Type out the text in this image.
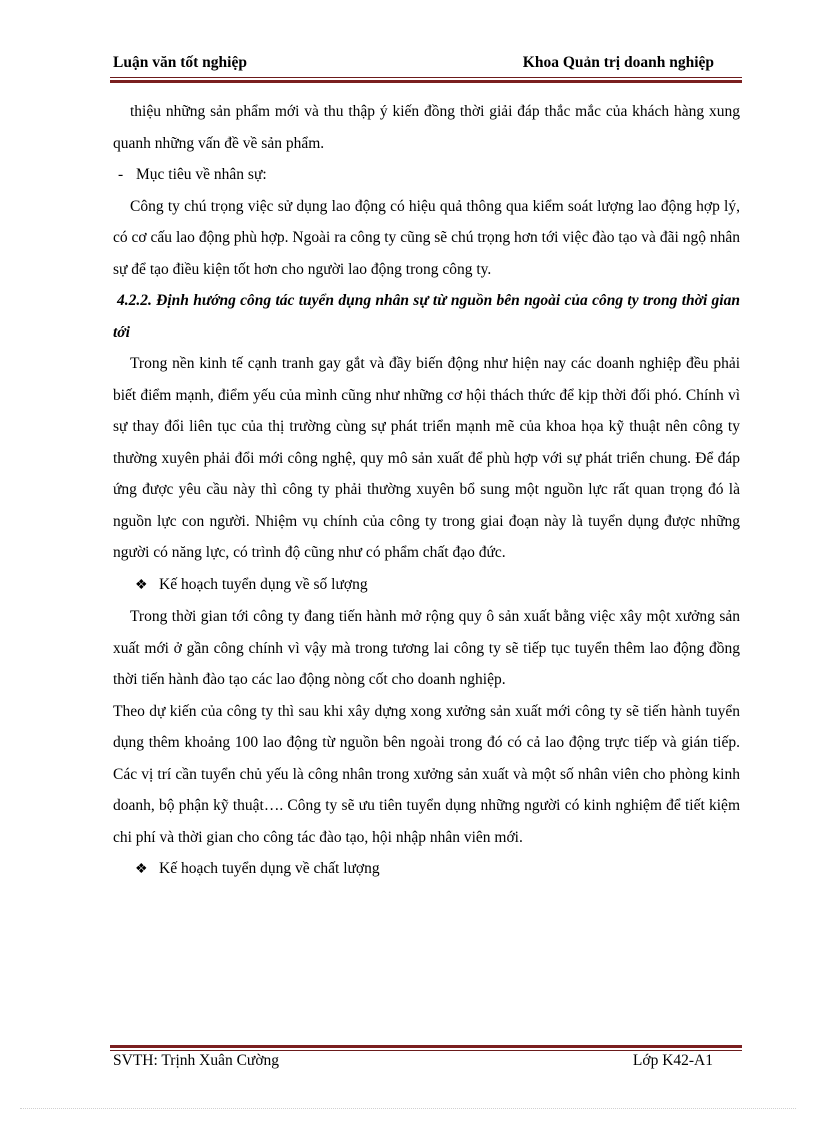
Luận văn tốt nghiệp	Khoa Quản trị doanh nghiệp

thiệu những sản phẩm mới và thu thập ý kiến đồng thời giải đáp thắc mắc của khách hàng xung quanh những vấn đề về sản phẩm.

- Mục tiêu về nhân sự:

Công ty chú trọng việc sử dụng lao động có hiệu quả thông qua kiểm soát lượng lao động hợp lý, có cơ cấu lao động phù hợp. Ngoài ra công ty cũng sẽ chú trọng hơn tới việc đào tạo và đãi ngộ nhân sự để tạo điều kiện tốt hơn cho người lao động trong công ty.

4.2.2. Định hướng công tác tuyển dụng nhân sự từ nguồn bên ngoài của công ty trong thời gian tới

Trong nền kinh tế cạnh tranh gay gắt và đầy biến động như hiện nay các doanh nghiệp đều phải biết điểm mạnh, điểm yếu của mình cũng như những cơ hội thách thức để kịp thời đối phó. Chính vì sự thay đổi liên tục của thị trường cùng sự phát triển mạnh mẽ của khoa họa kỹ thuật nên công ty thường xuyên phải đổi mới công nghệ, quy mô sản xuất để phù hợp với sự phát triển chung. Để đáp ứng được yêu cầu này thì công ty phải thường xuyên bổ sung một nguồn lực rất quan trọng đó là nguồn lực con người. Nhiệm vụ chính của công ty trong giai đoạn này là tuyển dụng được những người có năng lực, có trình độ cũng như có phẩm chất đạo đức.

❖ Kế hoạch tuyển dụng về số lượng

Trong thời gian tới công ty đang tiến hành mở rộng quy ô sản xuất bằng việc xây một xưởng sản xuất mới ở gần công chính vì vậy mà trong tương lai công ty sẽ tiếp tục tuyển thêm lao động đồng thời tiến hành đào tạo các lao động nòng cốt cho doanh nghiệp.

Theo dự kiến của công ty thì sau khi xây dựng xong xưởng sản xuất mới công ty sẽ tiến hành tuyển dụng thêm khoảng 100 lao động từ nguồn bên ngoài trong đó có cả lao động trực tiếp và gián tiếp. Các vị trí cần tuyển chủ yếu là công nhân trong xưởng sản xuất và một số nhân viên cho phòng kinh doanh, bộ phận kỹ thuật…. Công ty sẽ ưu tiên tuyển dụng những người có kinh nghiệm để tiết kiệm chi phí và thời gian cho công tác đào tạo, hội nhập nhân viên mới.

❖ Kế hoạch tuyển dụng về chất lượng

SVTH: Trịnh Xuân Cường	Lớp K42-A1
